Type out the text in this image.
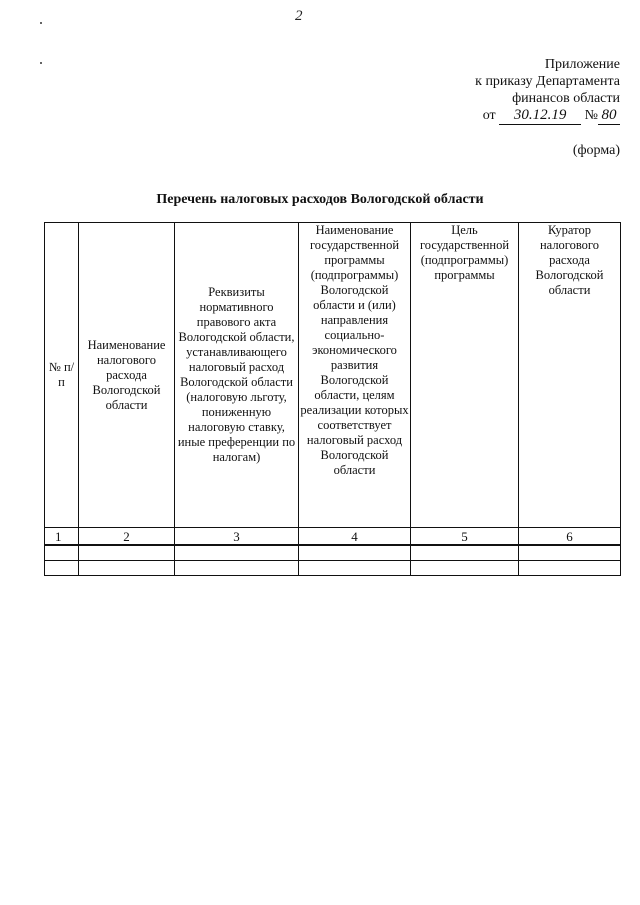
2
Приложение
к приказу Департамента
финансов области
от 30.12.19 № 80
(форма)
Перечень налоговых расходов Вологодской области
№ п/п	Наименование налогового расхода Вологодской области	Реквизиты нормативного правового акта Вологодской области, устанавливающего налоговый расход Вологодской области (налоговую льготу, пониженную налоговую ставку, иные преференции по налогам)	Наименование государственной программы (подпрограммы) Вологодской области и (или) направления социально-экономического развития Вологодской области, целям реализации которых соответствует налоговый расход Вологодской области	Цель государственной (подпрограммы) программы	Куратор налогового расхода Вологодской области
1	2	3	4	5	6
